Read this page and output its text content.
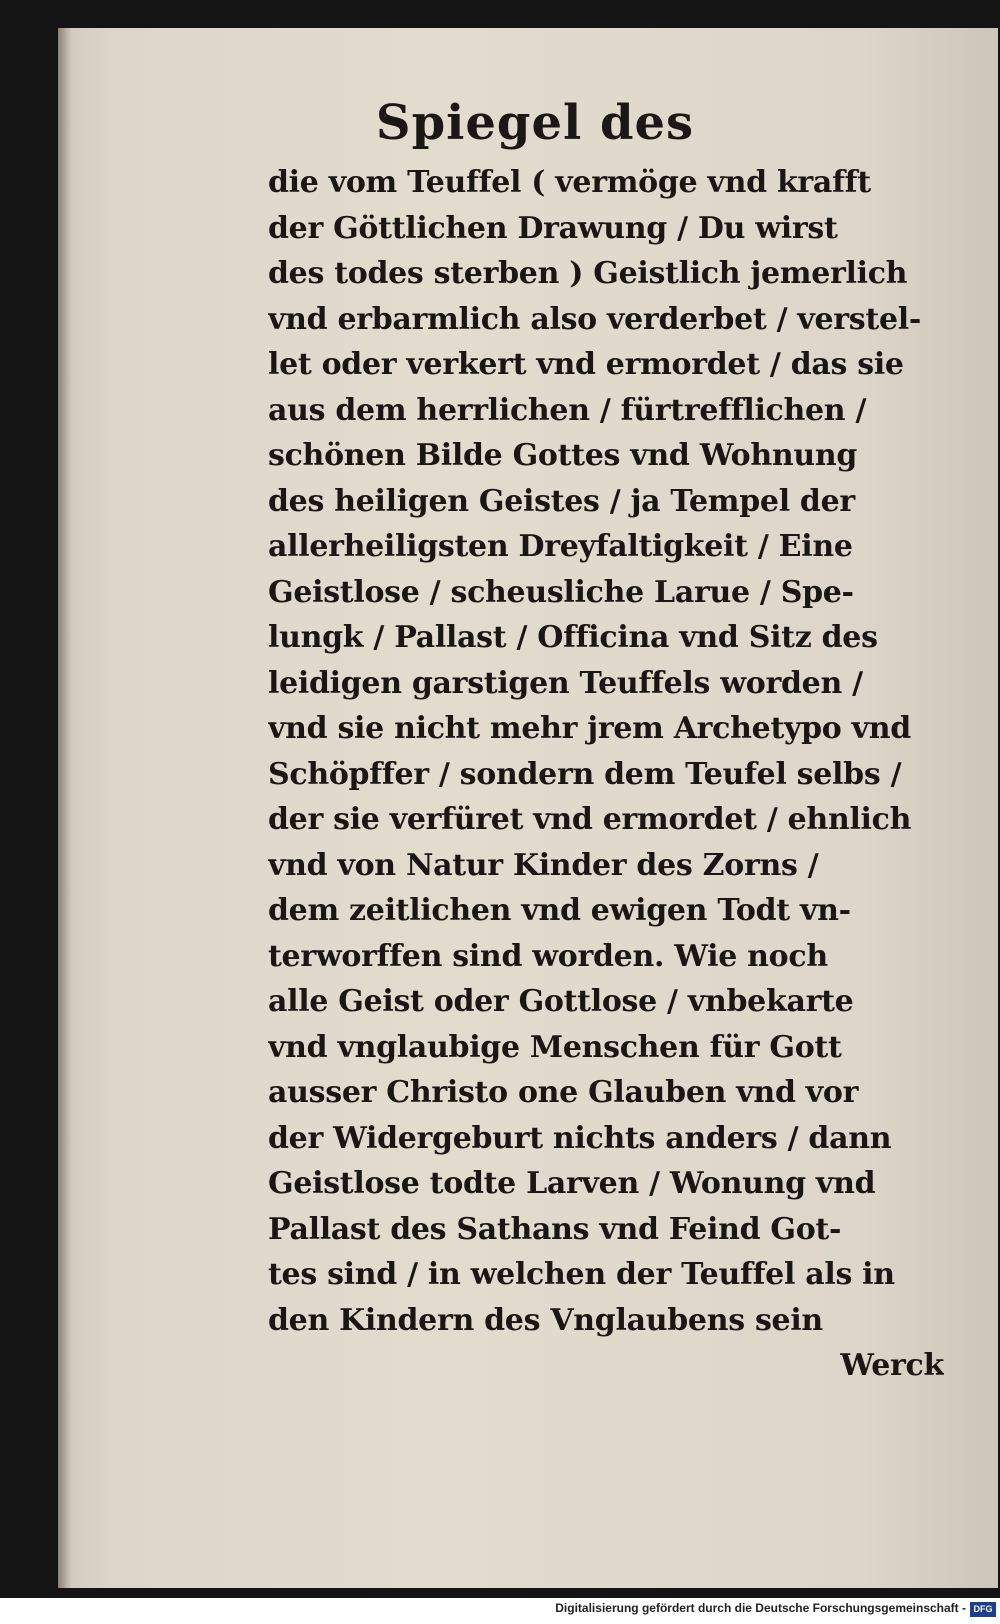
Spiegel des
die vom Teuffel ( vermöge vnd krafft
der Göttlichen Drawung / Du wirst
des todes sterben ) Geistlich jemerlich
vnd erbarmlich also verderbet / verstel-
let oder verkert vnd ermordet / das sie
aus dem herrlichen / fürtrefflichen /
schönen Bilde Gottes vnd Wohnung
des heiligen Geistes / ja Tempel der
allerheiligsten Dreyfaltigkeit / Eine
Geistlose / scheusliche Larue / Spe-
lungk / Pallast / Officina vnd Sitz des
leidigen garstigen Teuffels worden /
vnd sie nicht mehr jrem Archetypo vnd
Schöpffer / sondern dem Teufel selbs /
der sie verfüret vnd ermordet / ehnlich
vnd von Natur Kinder des Zorns /
dem zeitlichen vnd ewigen Todt vn-
terworffen sind worden. Wie noch
alle Geist oder Gottlose / vnbekarte
vnd vnglaubige Menschen für Gott
ausser Christo one Glauben vnd vor
der Widergeburt nichts anders / dann
Geistlose todte Larven / Wonung vnd
Pallast des Sathans vnd Feind Got-
tes sind / in welchen der Teuffel als in
den Kindern des Vnglaubens sein
Werck
Digitalisierung gefördert durch die Deutsche Forschungsgemeinschaft - DFG
